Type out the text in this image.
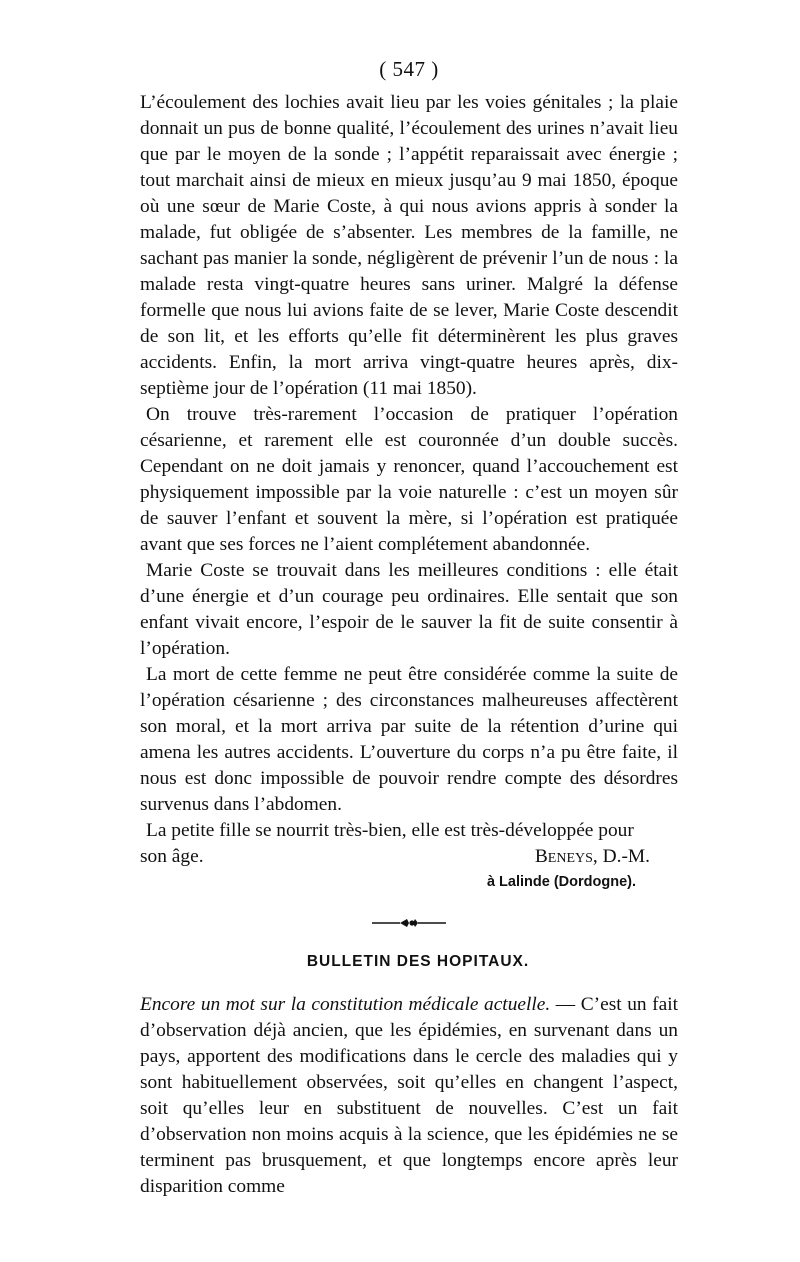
( 547 )

L’écoulement des lochies avait lieu par les voies génitales ; la plaie donnait un pus de bonne qualité, l’écoulement des urines n’avait lieu que par le moyen de la sonde ; l’appétit reparaissait avec énergie ; tout marchait ainsi de mieux en mieux jusqu’au 9 mai 1850, époque où une sœur de Marie Coste, à qui nous avions appris à sonder la malade, fut obligée de s’absenter. Les membres de la famille, ne sachant pas manier la sonde, négligèrent de prévenir l’un de nous : la malade resta vingt-quatre heures sans uriner. Malgré la défense formelle que nous lui avions faite de se lever, Marie Coste descendit de son lit, et les efforts qu’elle fit déterminèrent les plus graves accidents. Enfin, la mort arriva vingt-quatre heures après, dix-septième jour de l’opération (11 mai 1850).

On trouve très-rarement l’occasion de pratiquer l’opération césarienne, et rarement elle est couronnée d’un double succès. Cependant on ne doit jamais y renoncer, quand l’accouchement est physiquement impossible par la voie naturelle : c’est un moyen sûr de sauver l’enfant et souvent la mère, si l’opération est pratiquée avant que ses forces ne l’aient complétement abandonnée.

Marie Coste se trouvait dans les meilleures conditions : elle était d’une énergie et d’un courage peu ordinaires. Elle sentait que son enfant vivait encore, l’espoir de le sauver la fit de suite consentir à l’opération.

La mort de cette femme ne peut être considérée comme la suite de l’opération césarienne ; des circonstances malheureuses affectèrent son moral, et la mort arriva par suite de la rétention d’urine qui amena les autres accidents. L’ouverture du corps n’a pu être faite, il nous est donc impossible de pouvoir rendre compte des désordres survenus dans l’abdomen.

La petite fille se nourrit très-bien, elle est très-développée pour

son âge.	Beneys, D.-M.
à Lalinde (Dordogne).
BULLETIN DES HOPITAUX.

Encore un mot sur la constitution médicale actuelle. — C’est un fait d’observation déjà ancien, que les épidémies, en survenant dans un pays, apportent des modifications dans le cercle des maladies qui y sont habituellement observées, soit qu’elles en changent l’aspect, soit qu’elles leur en substituent de nouvelles. C’est un fait d’observation non moins acquis à la science, que les épidémies ne se terminent pas brusquement, et que longtemps encore après leur disparition comme
